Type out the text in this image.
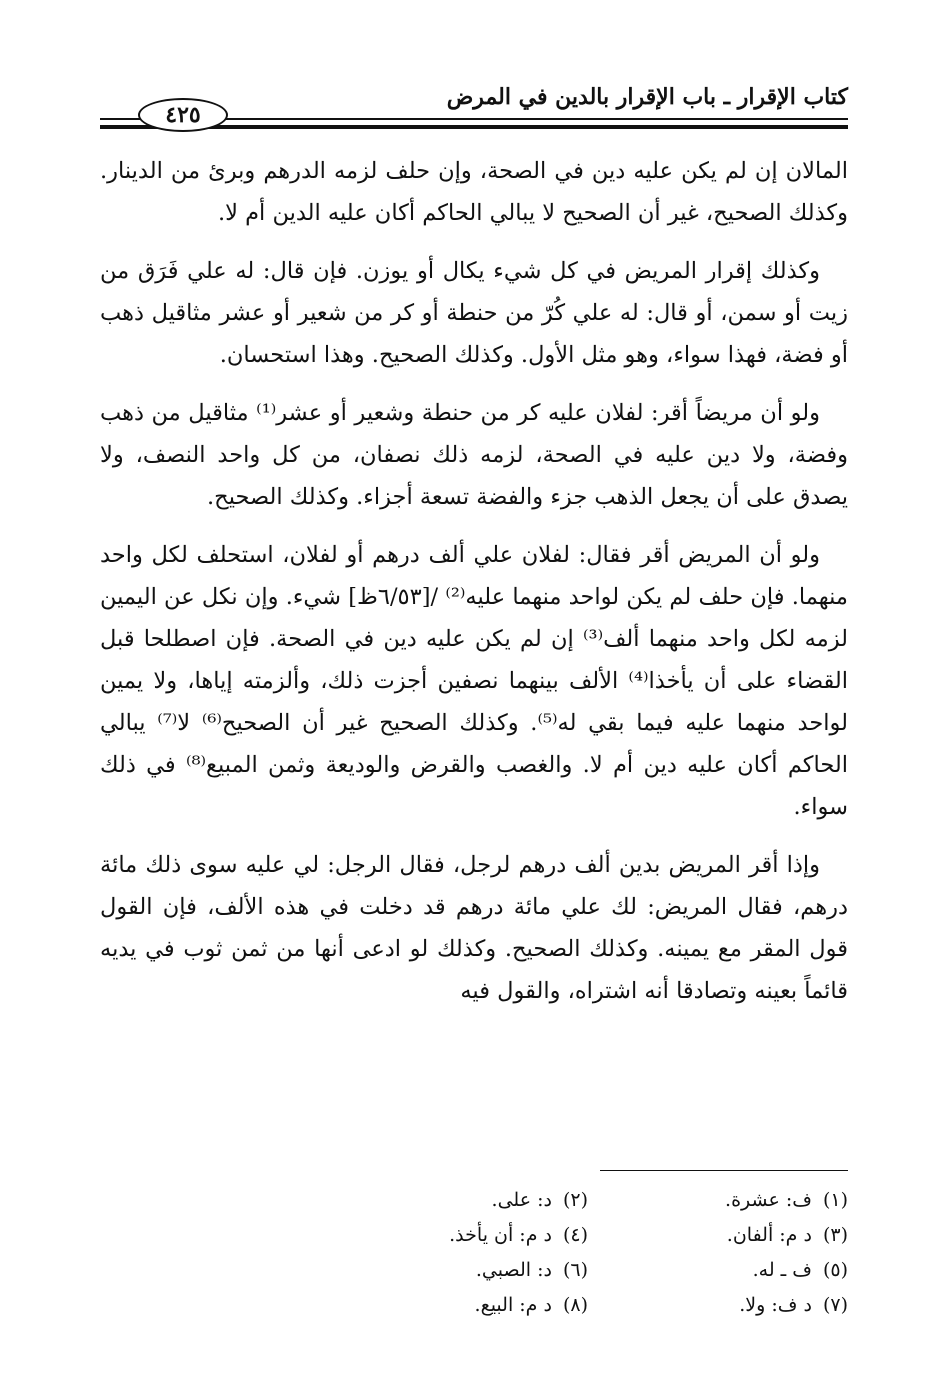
كتاب الإقرار ـ باب الإقرار بالدين في المرض
٤٢٥

المالان إن لم يكن عليه دين في الصحة، وإن حلف لزمه الدرهم وبرئ من الدينار. وكذلك الصحيح، غير أن الصحيح لا يبالي الحاكم أكان عليه الدين أم لا.

وكذلك إقرار المريض في كل شيء يكال أو يوزن. فإن قال: له علي فَرَق من زيت أو سمن، أو قال: له علي كُرّ من حنطة أو كر من شعير أو عشر مثاقيل ذهب أو فضة، فهذا سواء، وهو مثل الأول. وكذلك الصحيح. وهذا استحسان.

ولو أن مريضاً أقر: لفلان عليه كر من حنطة وشعير أو عشر⁽¹⁾ مثاقيل من ذهب وفضة، ولا دين عليه في الصحة، لزمه ذلك نصفان، من كل واحد النصف، ولا يصدق على أن يجعل الذهب جزء والفضة تسعة أجزاء. وكذلك الصحيح.

ولو أن المريض أقر فقال: لفلان علي ألف درهم أو لفلان، استحلف لكل واحد منهما. فإن حلف لم يكن لواحد منهما عليه⁽²⁾ /[٦/٥٣ظ] شيء. وإن نكل عن اليمين لزمه لكل واحد منهما ألف⁽³⁾ إن لم يكن عليه دين في الصحة. فإن اصطلحا قبل القضاء على أن يأخذا⁽⁴⁾ الألف بينهما نصفين أجزت ذلك، وألزمته إياها، ولا يمين لواحد منهما عليه فيما بقي له⁽⁵⁾. وكذلك الصحيح غير أن الصحيح⁽⁶⁾ لا⁽⁷⁾ يبالي الحاكم أكان عليه دين أم لا. والغصب والقرض والوديعة وثمن المبيع⁽⁸⁾ في ذلك سواء.

وإذا أقر المريض بدين ألف درهم لرجل، فقال الرجل: لي عليه سوى ذلك مائة درهم، فقال المريض: لك علي مائة درهم قد دخلت في هذه الألف، فإن القول قول المقر مع يمينه. وكذلك الصحيح. وكذلك لو ادعى أنها من ثمن ثوب في يديه قائماً بعينه وتصادقا أنه اشتراه، والقول فيه

(١) ف: عشرة.
(٢) د: على.
(٣) د م: ألفان.
(٤) د م: أن يأخذ.
(٥) ف ـ له.
(٦) د: الصبي.
(٧) د ف: ولا.
(٨) د م: البيع.
